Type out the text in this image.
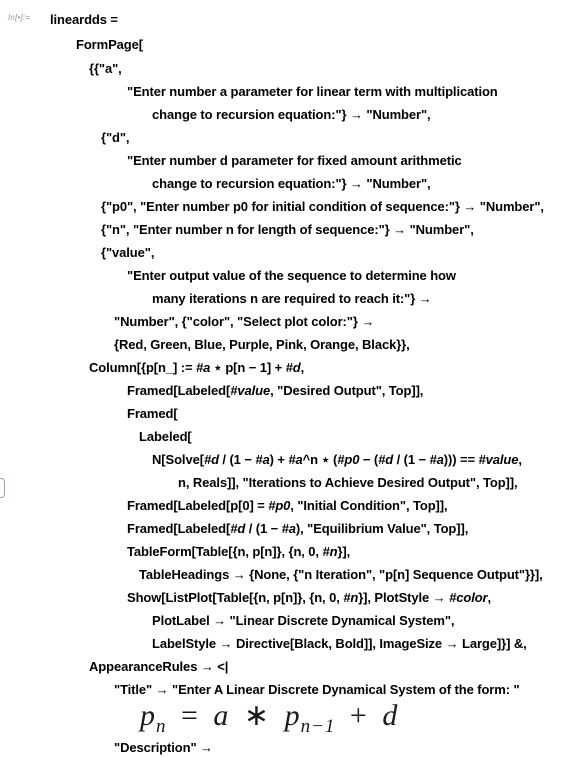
In[•]:= lineardds =
FormPage[
{{"a",
"Enter number a parameter for linear term with multiplication
change to recursion equation:"} → "Number",
{"d",
"Enter number d parameter for fixed amount arithmetic
change to recursion equation:"} → "Number",
{"p0", "Enter number p0 for initial condition of sequence:"} → "Number",
{"n", "Enter number n for length of sequence:"} → "Number",
{"value",
"Enter output value of the sequence to determine how
many iterations n are required to reach it:"} →
"Number", {"color", "Select plot color:"} →
{Red, Green, Blue, Purple, Pink, Orange, Black}},
Column[{p[n_] := #a ⋆ p[n − 1] + #d,
Framed[Labeled[#value, "Desired Output", Top]],
Framed[
Labeled[
N[Solve[#d / (1 − #a) + #a^n ⋆ (#p0 − (#d / (1 − #a))) == #value,
n, Reals]], "Iterations to Achieve Desired Output", Top]],
Framed[Labeled[p[0] = #p0, "Initial Condition", Top]],
Framed[Labeled[#d / (1 − #a), "Equilibrium Value", Top]],
TableForm[Table[{n, p[n]}, {n, 0, #n}],
TableHeadings → {None, {"n Iteration", "p[n] Sequence Output"}}],
Show[ListPlot[Table[{n, p[n]}, {n, 0, #n}], PlotStyle → #color,
PlotLabel → "Linear Discrete Dynamical System",
LabelStyle → Directive[Black, Bold]], ImageSize → Large]}] &,
AppearanceRules → <|
"Title" → "Enter A Linear Discrete Dynamical System of the form: "
"Description" →
$p_n = a$ ∗ $p_{n-1} + d$
